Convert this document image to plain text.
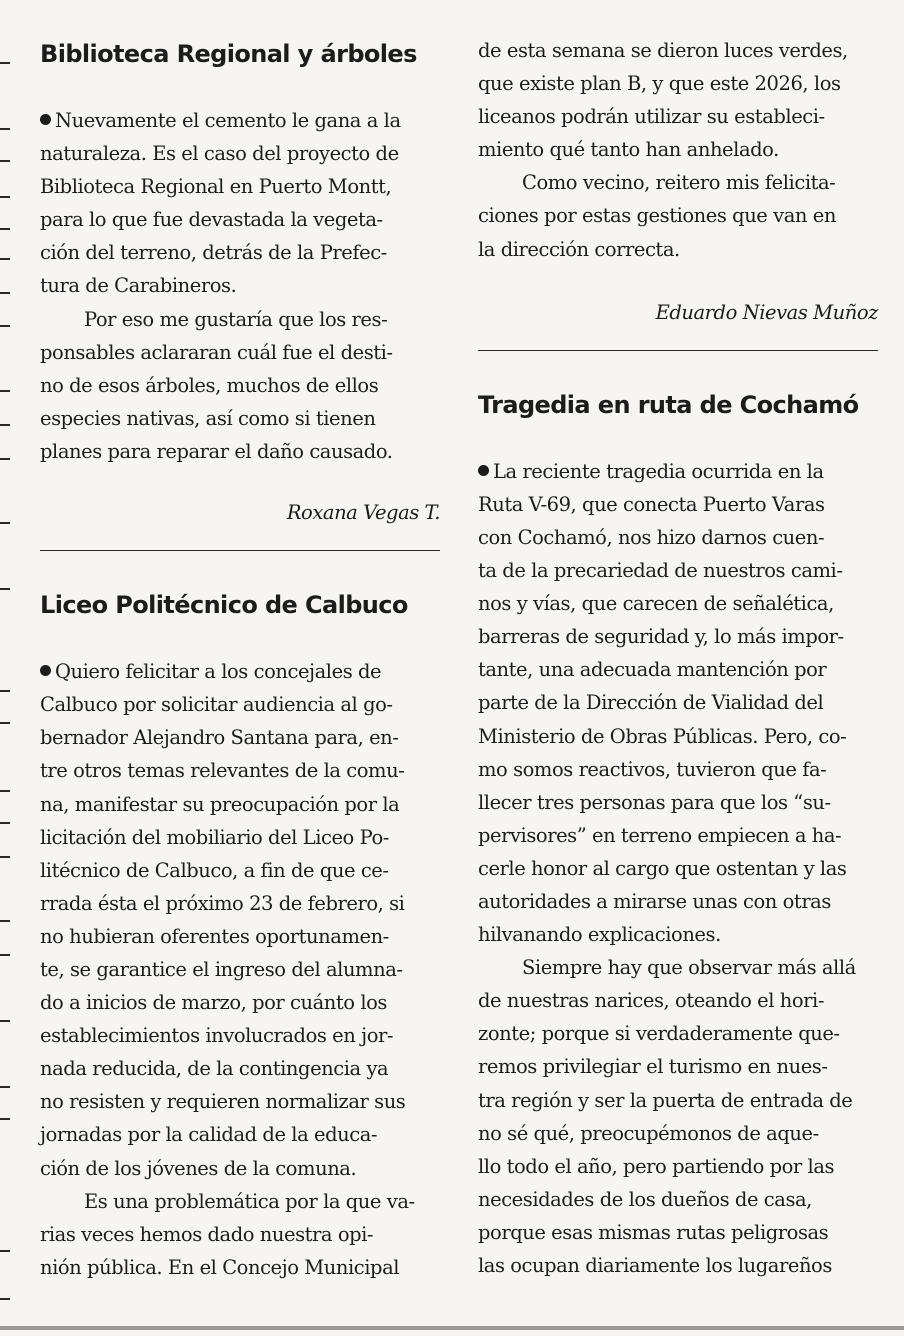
Biblioteca Regional y árboles
Nuevamente el cemento le gana a la
naturaleza. Es el caso del proyecto de
Biblioteca Regional en Puerto Montt,
para lo que fue devastada la vegeta-
ción del terreno, detrás de la Prefec-
tura de Carabineros.
Por eso me gustaría que los res-
ponsables aclararan cuál fue el desti-
no de esos árboles, muchos de ellos
especies nativas, así como si tienen
planes para reparar el daño causado.
Roxana Vegas T.
Liceo Politécnico de Calbuco
Quiero felicitar a los concejales de
Calbuco por solicitar audiencia al go-
bernador Alejandro Santana para, en-
tre otros temas relevantes de la comu-
na, manifestar su preocupación por la
licitación del mobiliario del Liceo Po-
litécnico de Calbuco, a fin de que ce-
rrada ésta el próximo 23 de febrero, si
no hubieran oferentes oportunamen-
te, se garantice el ingreso del alumna-
do a inicios de marzo, por cuánto los
establecimientos involucrados en jor-
nada reducida, de la contingencia ya
no resisten y requieren normalizar sus
jornadas por la calidad de la educa-
ción de los jóvenes de la comuna.
Es una problemática por la que va-
rias veces hemos dado nuestra opi-
nión pública. En el Concejo Municipal
de esta semana se dieron luces verdes,
que existe plan B, y que este 2026, los
liceanos podrán utilizar su estableci-
miento qué tanto han anhelado.
Como vecino, reitero mis felicita-
ciones por estas gestiones que van en
la dirección correcta.
Eduardo Nievas Muñoz
Tragedia en ruta de Cochamó
La reciente tragedia ocurrida en la
Ruta V-69, que conecta Puerto Varas
con Cochamó, nos hizo darnos cuen-
ta de la precariedad de nuestros cami-
nos y vías, que carecen de señalética,
barreras de seguridad y, lo más impor-
tante, una adecuada mantención por
parte de la Dirección de Vialidad del
Ministerio de Obras Públicas. Pero, co-
mo somos reactivos, tuvieron que fa-
llecer tres personas para que los “su-
pervisores” en terreno empiecen a ha-
cerle honor al cargo que ostentan y las
autoridades a mirarse unas con otras
hilvanando explicaciones.
Siempre hay que observar más allá
de nuestras narices, oteando el hori-
zonte; porque si verdaderamente que-
remos privilegiar el turismo en nues-
tra región y ser la puerta de entrada de
no sé qué, preocupémonos de aque-
llo todo el año, pero partiendo por las
necesidades de los dueños de casa,
porque esas mismas rutas peligrosas
las ocupan diariamente los lugareños
